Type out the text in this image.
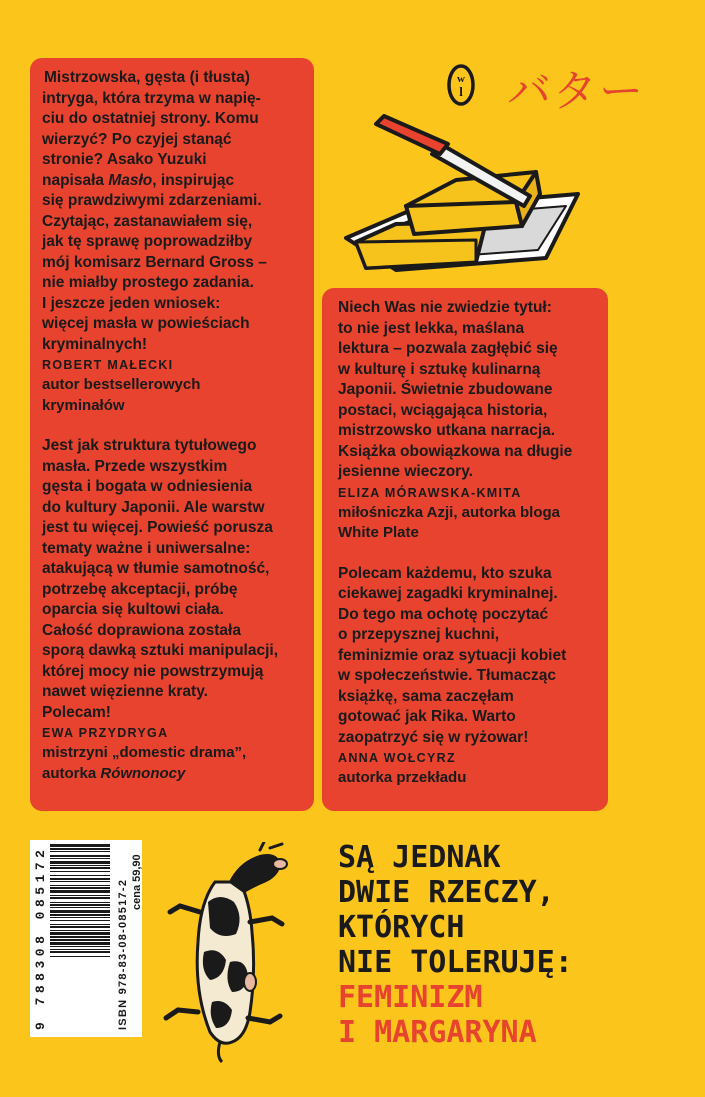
Mistrzowska, gęsta (i tłusta)
intryga, która trzyma w napię-
ciu do ostatniej strony. Komu
wierzyć? Po czyjej stanąć
stronie? Asako Yuzuki
napisała Masło, inspirując
się prawdziwymi zdarzeniami.
Czytając, zastanawiałem się,
jak tę sprawę poprowadziłby
mój komisarz Bernard Gross –
nie miałby prostego zadania.
I jeszcze jeden wniosek:
więcej masła w powieściach
kryminalnych!
ROBERT MAŁECKI
autor bestsellerowych
kryminałów
Jest jak struktura tytułowego
masła. Przede wszystkim
gęsta i bogata w odniesienia
do kultury Japonii. Ale warstw
jest tu więcej. Powieść porusza
tematy ważne i uniwersalne:
atakującą w tłumie samotność,
potrzebę akceptacji, próbę
oparcia się kultowi ciała.
Całość doprawiona została
sporą dawką sztuki manipulacji,
której mocy nie powstrzymują
nawet więzienne kraty.
Polecam!
EWA PRZYDRYGA
mistrzyni „domestic drama”,
autorka Równonocy
w
l バター
Niech Was nie zwiedzie tytuł:
to nie jest lekka, maślana
lektura – pozwala zagłębić się
w kulturę i sztukę kulinarną
Japonii. Świetnie zbudowane
postaci, wciągająca historia,
mistrzowsko utkana narracja.
Książka obowiązkowa na długie
jesienne wieczory.
ELIZA MÓRAWSKA-KMITA
miłośniczka Azji, autorka bloga
White Plate
Polecam każdemu, kto szuka
ciekawej zagadki kryminalnej.
Do tego ma ochotę poczytać
o przepysznej kuchni,
feminizmie oraz sytuacji kobiet
w społeczeństwie. Tłumacząc
książkę, sama zaczęłam
gotować jak Rika. Warto
zaopatrzyć się w ryżowar!
ANNA WOŁCYRZ
autorka przekładu
9 788308 085172
ISBN 978-83-08-08517-2 cena 59,90	SĄ JEDNAK
DWIE RZECZY,
KTÓRYCH
NIE TOLERUJĘ:
FEMINIZM
I MARGARYNA
